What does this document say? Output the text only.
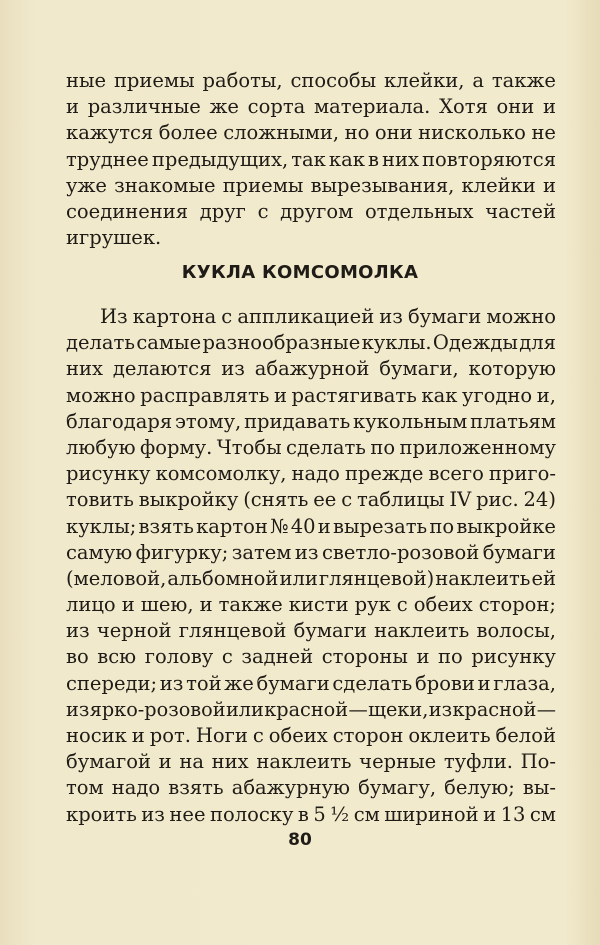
ные приемы работы, способы клейки, а также
и различные же сорта материала. Хотя они и
кажутся более сложными, но они нисколько не
труднее предыдущих, так как в них повторяются
уже знакомые приемы вырезывания, клейки и
соединения друг с другом отдельных частей
игрушек.
КУКЛА КОМСОМОЛКА
Из картона с аппликацией из бумаги можно
делать самые разнообразные куклы. Одежды для
них делаются из абажурной бумаги, которую
можно расправлять и растягивать как угодно и,
благодаря этому, придавать кукольным платьям
любую форму. Чтобы сделать по приложенному
рисунку комсомолку, надо прежде всего приго-
товить выкройку (снять ее с таблицы IV рис. 24)
куклы; взять картон № 40 и вырезать по выкройке
самую фигурку; затем из светло-розовой бумаги
(меловой, альбомной или глянцевой) наклеить ей
лицо и шею, и также кисти рук с обеих сторон;
из черной глянцевой бумаги наклеить волосы,
во всю голову с задней стороны и по рисунку
спереди; из той же бумаги сделать брови и глаза,
из ярко-розовой или красной — щеки, из красной —
носик и рот. Ноги с обеих сторон оклеить белой
бумагой и на них наклеить черные туфли. По-
том надо взять абажурную бумагу, белую; вы-
кроить из нее полоску в 5 ½ см шириной и 13 см
80
